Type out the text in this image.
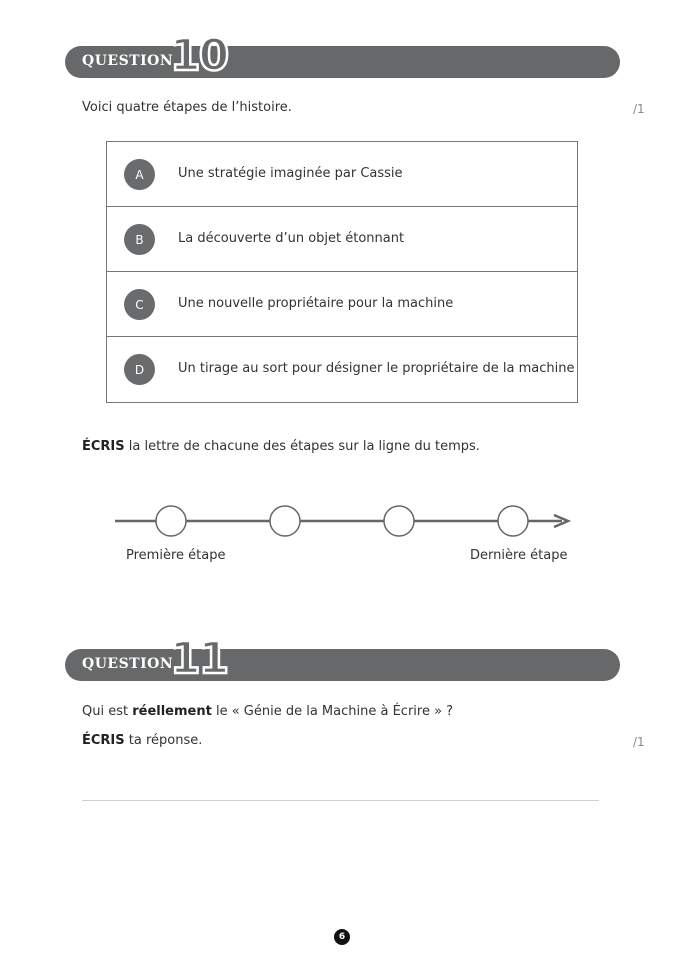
QUESTION
10
Voici quatre étapes de l’histoire.	/1
A	Une stratégie imaginée par Cassie
B	La découverte d’un objet étonnant
C	Une nouvelle propriétaire pour la machine
D	Un tirage au sort pour désigner le propriétaire de la machine
ÉCRIS la lettre de chacune des étapes sur la ligne du temps.
Première étape	Dernière étape
QUESTION
11
Qui est réellement le « Génie de la Machine à Écrire » ?
ÉCRIS ta réponse.	/1
6
